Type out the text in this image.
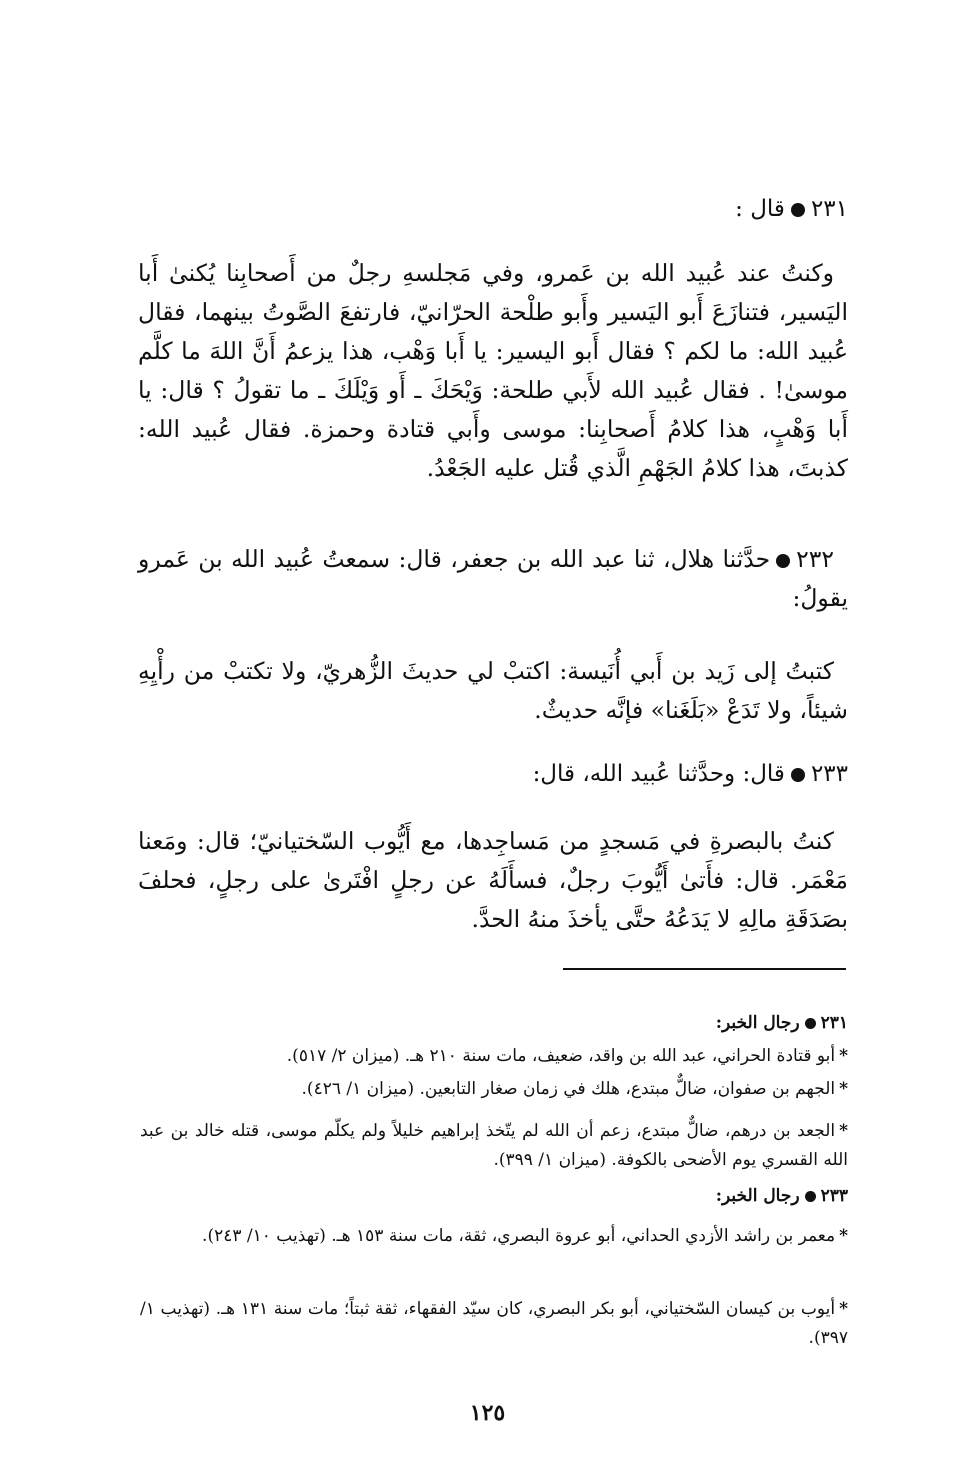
٢٣١قال :

وكنتُ عند عُبيد الله بن عَمرو، وفي مَجلسهِ رجلٌ من أَصحابِنا يُكنىٰ أَبا اليَسير، فتنازَعَ أَبو اليَسير وأَبو طلْحة الحرّانيّ، فارتفعَ الصَّوتُ بينهما، فقال عُبيد الله: ما لكم ؟ فقال أَبو اليسير: يا أَبا وَهْب، هذا يزعمُ أَنَّ اللهَ ما كلَّم موسىٰ! . فقال عُبيد الله لأَبي طلحة: وَيْحَكَ ـ أَو وَيْلَكَ ـ ما تقولُ ؟ قال: يا أَبا وَهْبٍ، هذا كلامُ أَصحابِنا: موسى وأَبي قتادة وحمزة. فقال عُبيد الله: كذبتَ، هذا كلامُ الجَهْمِ الَّذي قُتل عليه الجَعْدُ.

٢٣٢حدَّثنا هلال، ثنا عبد الله بن جعفر، قال: سمعتُ عُبيد الله بن عَمرو يقولُ:

كتبتُ إلى زَيد بن أَبي أُنَيسة: اكتبْ لي حديثَ الزُّهريّ، ولا تكتبْ من رأْيِهِ شيئاً، ولا تَدَعْ «بَلَغَنا» فإنَّه حديثٌ.

٢٣٣قال: وحدَّثنا عُبيد الله، قال:

كنتُ بالبصرةِ في مَسجدٍ من مَساجِدها، مع أَيُّوب السّختيانيّ؛ قال: ومَعنا مَعْمَر. قال: فأَتىٰ أَيُّوبَ رجلٌ، فسأَلَهُ عن رجلٍ افْتَرىٰ على رجلٍ، فحلفَ بصَدَقَةِ مالِهِ لا يَدَعُهُ حتَّى يأخذَ منهُ الحدَّ.

٢٣١رجال الخبر:
*أبو قتادة الحراني، عبد الله بن واقد، ضعيف، مات سنة ٢١٠ هـ. (ميزان ٢/ ٥١٧).
*الجهم بن صفوان، ضالٌّ مبتدع، هلك في زمان صغار التابعين. (ميزان ١/ ٤٢٦).
*الجعد بن درهم، ضالٌّ مبتدع، زعم أن الله لم يتّخذ إبراهيم خليلاً ولم يكلّم موسى، قتله خالد بن عبد الله القسري يوم الأضحى بالكوفة. (ميزان ١/ ٣٩٩).
٢٣٣رجال الخبر:
*معمر بن راشد الأزدي الحداني، أبو عروة البصري، ثقة، مات سنة ١٥٣ هـ. (تهذيب ١٠/ ٢٤٣).
*أيوب بن كيسان السّختياني، أبو بكر البصري، كان سيّد الفقهاء، ثقة ثبتاً؛ مات سنة ١٣١ هـ. (تهذيب ١/ ٣٩٧).
١٢٥
